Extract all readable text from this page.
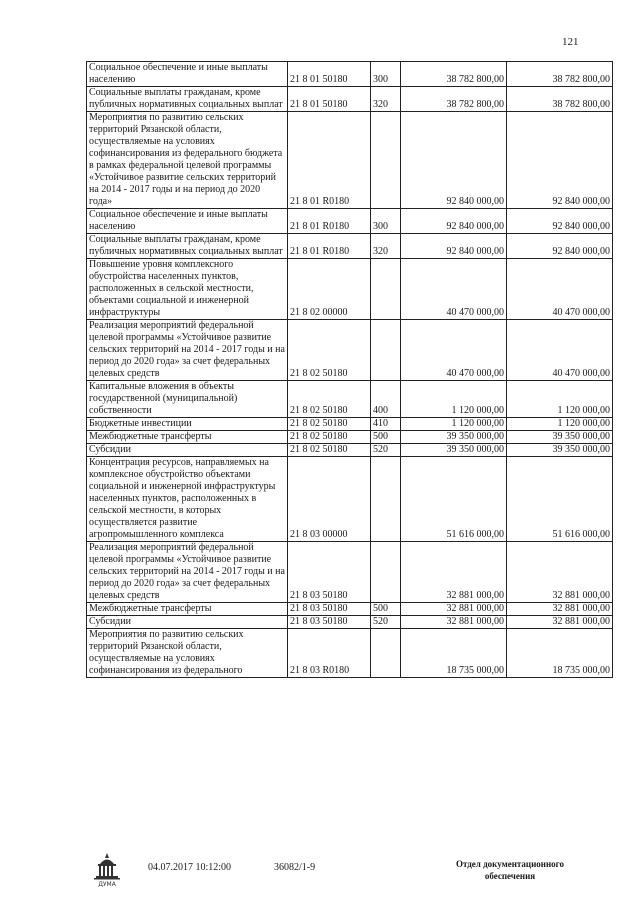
121
Социальное обеспечение и иные выплаты населению	21 8 01 50180	300	38 782 800,00	38 782 800,00
Социальные выплаты гражданам, кроме публичных нормативных социальных выплат	21 8 01 50180	320	38 782 800,00	38 782 800,00
Мероприятия по развитию сельских территорий Рязанской области, осуществляемые на условиях софинансирования из федерального бюджета в рамках федеральной целевой программы «Устойчивое развитие сельских территорий на 2014 - 2017 годы и на период до 2020 года»	21 8 01 R0180		92 840 000,00	92 840 000,00
Социальное обеспечение и иные выплаты населению	21 8 01 R0180	300	92 840 000,00	92 840 000,00
Социальные выплаты гражданам, кроме публичных нормативных социальных выплат	21 8 01 R0180	320	92 840 000,00	92 840 000,00
Повышение уровня комплексного обустройства населенных пунктов, расположенных в сельской местности, объектами социальной и инженерной инфраструктуры	21 8 02 00000		40 470 000,00	40 470 000,00
Реализация мероприятий федеральной целевой программы «Устойчивое развитие сельских территорий на 2014 - 2017 годы и на период до 2020 года» за счет федеральных целевых средств	21 8 02 50180		40 470 000,00	40 470 000,00
Капитальные вложения в объекты государственной (муниципальной) собственности	21 8 02 50180	400	1 120 000,00	1 120 000,00
Бюджетные инвестиции	21 8 02 50180	410	1 120 000,00	1 120 000,00
Межбюджетные трансферты	21 8 02 50180	500	39 350 000,00	39 350 000,00
Субсидии	21 8 02 50180	520	39 350 000,00	39 350 000,00
Концентрация ресурсов, направляемых на комплексное обустройство объектами социальной и инженерной инфраструктуры населенных пунктов, расположенных в сельской местности, в которых осуществляется развитие агропромышленного комплекса	21 8 03 00000		51 616 000,00	51 616 000,00
Реализация мероприятий федеральной целевой программы «Устойчивое развитие сельских территорий на 2014 - 2017 годы и на период до 2020 года» за счет федеральных целевых средств	21 8 03 50180		32 881 000,00	32 881 000,00
Межбюджетные трансферты	21 8 03 50180	500	32 881 000,00	32 881 000,00
Субсидии	21 8 03 50180	520	32 881 000,00	32 881 000,00
Мероприятия по развитию сельских территорий Рязанской области, осуществляемые на условиях софинансирования из федерального	21 8 03 R0180		18 735 000,00	18 735 000,00
ДУМА
04.07.2017 10:12:00	36082/1-9	Отдел документационного обеспечения
